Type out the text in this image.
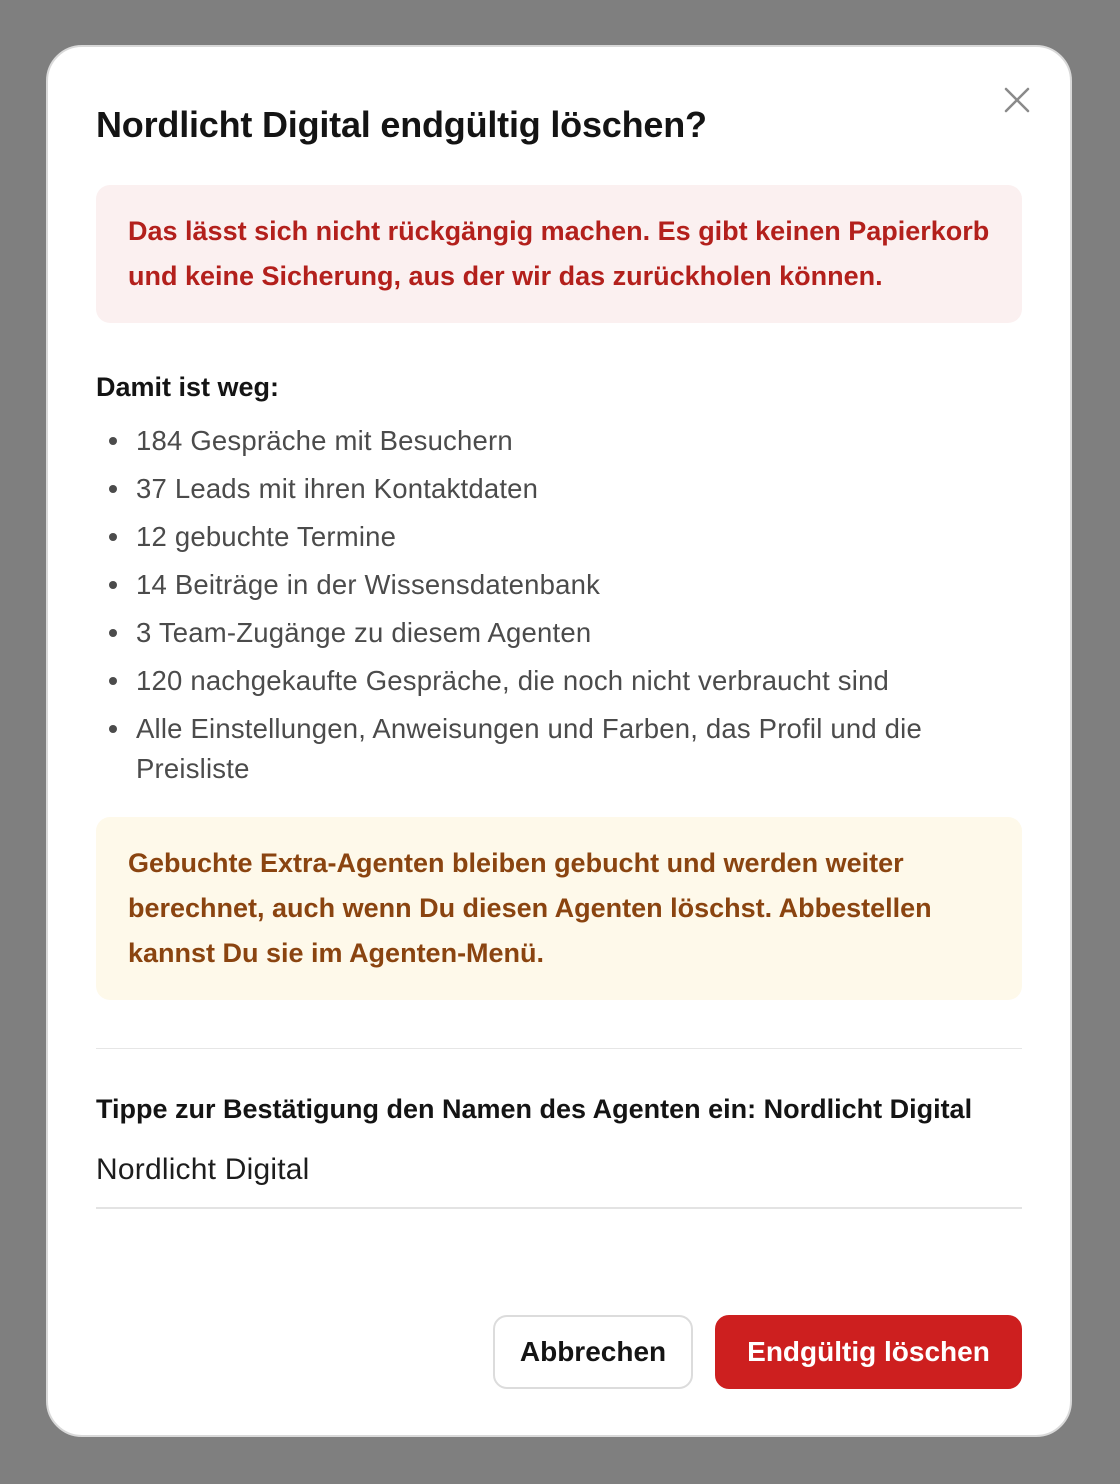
Nordlicht Digital endgültig löschen?
Das lässt sich nicht rückgängig machen. Es gibt keinen Papierkorb und keine Sicherung, aus der wir das zurückholen können.
Damit ist weg:
184 Gespräche mit Besuchern
37 Leads mit ihren Kontaktdaten
12 gebuchte Termine
14 Beiträge in der Wissensdatenbank
3 Team-Zugänge zu diesem Agenten
120 nachgekaufte Gespräche, die noch nicht verbraucht sind
Alle Einstellungen, Anweisungen und Farben, das Profil und die Preisliste
Gebuchte Extra-Agenten bleiben gebucht und werden weiter berechnet, auch wenn Du diesen Agenten löschst. Abbestellen kannst Du sie im Agenten-Menü.
Tippe zur Bestätigung den Namen des Agenten ein: Nordlicht Digital
Nordlicht Digital
Abbrechen	Endgültig löschen
